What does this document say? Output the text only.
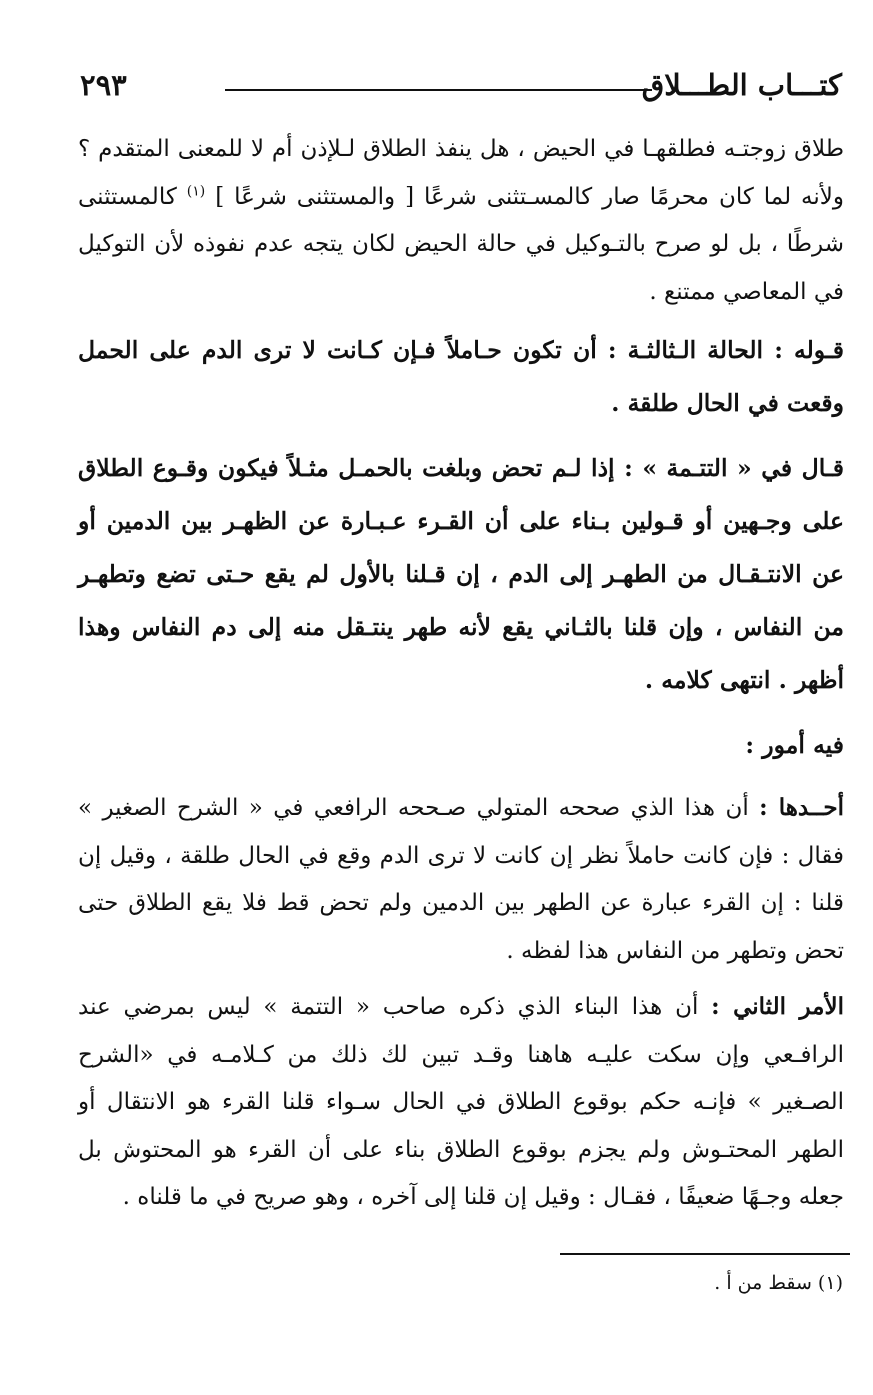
كتـــاب الطـــلاق
٢٩٣

طلاق زوجتـه فطلقهـا في الحيض ، هل ينفذ الطلاق لـلإذن أم لا للمعنى المتقدم ؟ ولأنه لما كان محرمًا صار كالمسـتثنى شرعًا [ والمستثنى شرعًا ] $^{(١)}$ كالمستثنى شرطًا ، بل لو صرح بالتـوكيل في حالة الحيض لكان يتجه عدم نفوذه لأن التوكيل في المعاصي ممتنع .

قـوله : الحالة الـثالثـة : أن تكون حـاملاً فـإن كـانت لا ترى الدم على الحمل وقعت في الحال طلقة .

قـال في « التتـمة » : إذا لـم تحض وبلغت بالحمـل مثـلاً فيكون وقـوع الطلاق على وجـهين أو قـولين بـناء على أن القـرء عـبـارة عن الظهـر بين الدمين أو عن الانتـقـال من الطهـر إلى الدم ، إن قـلنا بالأول لم يقع حـتى تضع وتطهـر من النفاس ، وإن قلنا بالثـاني يقع لأنه طهر ينتـقل منه إلى دم النفاس وهذا أظهر . انتهى كلامه .

فيه أمور :

أحــدها : أن هذا الذي صححه المتولي صـححه الرافعي في « الشرح الصغير » فقال : فإن كانت حاملاً نظر إن كانت لا ترى الدم وقع في الحال طلقة ، وقيل إن قلنا : إن القرء عبارة عن الطهر بين الدمين ولم تحض قط فلا يقع الطلاق حتى تحض وتطهر من النفاس هذا لفظه .

الأمر الثاني : أن هذا البناء الذي ذكره صاحب « التتمة » ليس بمرضي عند الرافـعي وإن سكت عليـه هاهنا وقـد تبين لك ذلك من كـلامـه في «الشرح الصـغير » فإنـه حكم بوقوع الطلاق في الحال سـواء قلنا القرء هو الانتقال أو الطهر المحتـوش ولم يجزم بوقوع الطلاق بناء على أن القرء هو المحتوش بل جعله وجـهًا ضعيفًا ، فقـال : وقيل إن قلنا إلى آخره ، وهو صريح في ما قلناه .

(١) سقط من أ .
